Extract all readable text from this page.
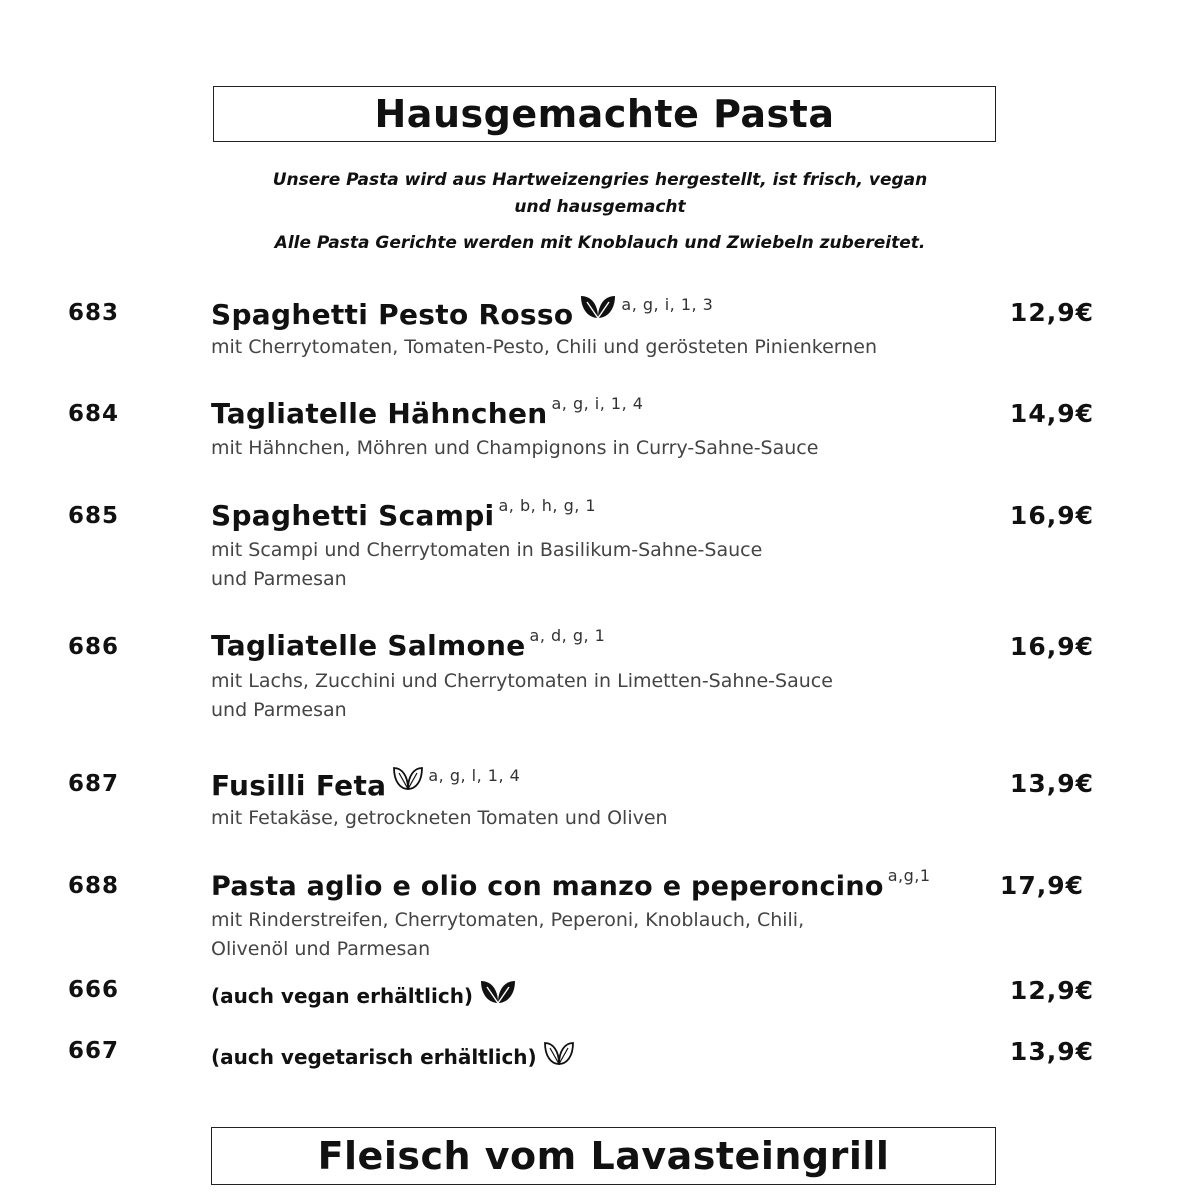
Hausgemachte Pasta
Unsere Pasta wird aus Hartweizengries hergestellt, ist frisch, vegan
und hausgemacht
Alle Pasta Gerichte werden mit Knoblauch und Zwiebeln zubereitet.
683	Spaghetti Pesto Rosso	$^{a, g, i, 1, 3}$	12,9€
mit Cherrytomaten, Tomaten-Pesto, Chili und gerösteten Pinienkernen
684	Tagliatelle Hähnchen $^{a, g, i, 1, 4}$	14,9€
mit Hähnchen, Möhren und Champignons in Curry-Sahne-Sauce
685	Spaghetti Scampi $^{a, b, h, g, 1}$	16,9€
mit Scampi und Cherrytomaten in Basilikum-Sahne-Sauce
und Parmesan
686	Tagliatelle Salmone $^{a, d, g, 1}$	16,9€
mit Lachs, Zucchini und Cherrytomaten in Limetten-Sahne-Sauce
und Parmesan
687	Fusilli Feta	$^{a, g, l, 1, 4}$	13,9€
mit Fetakäse, getrockneten Tomaten und Oliven
688	Pasta aglio e olio con manzo e peperoncino $^{a,g,1}$	17,9€
mit Rinderstreifen, Cherrytomaten, Peperoni, Knoblauch, Chili,
Olivenöl und Parmesan
666	(auch vegan erhältlich)	12,9€
667	(auch vegetarisch erhältlich)	13,9€
Fleisch vom Lavasteingrill
